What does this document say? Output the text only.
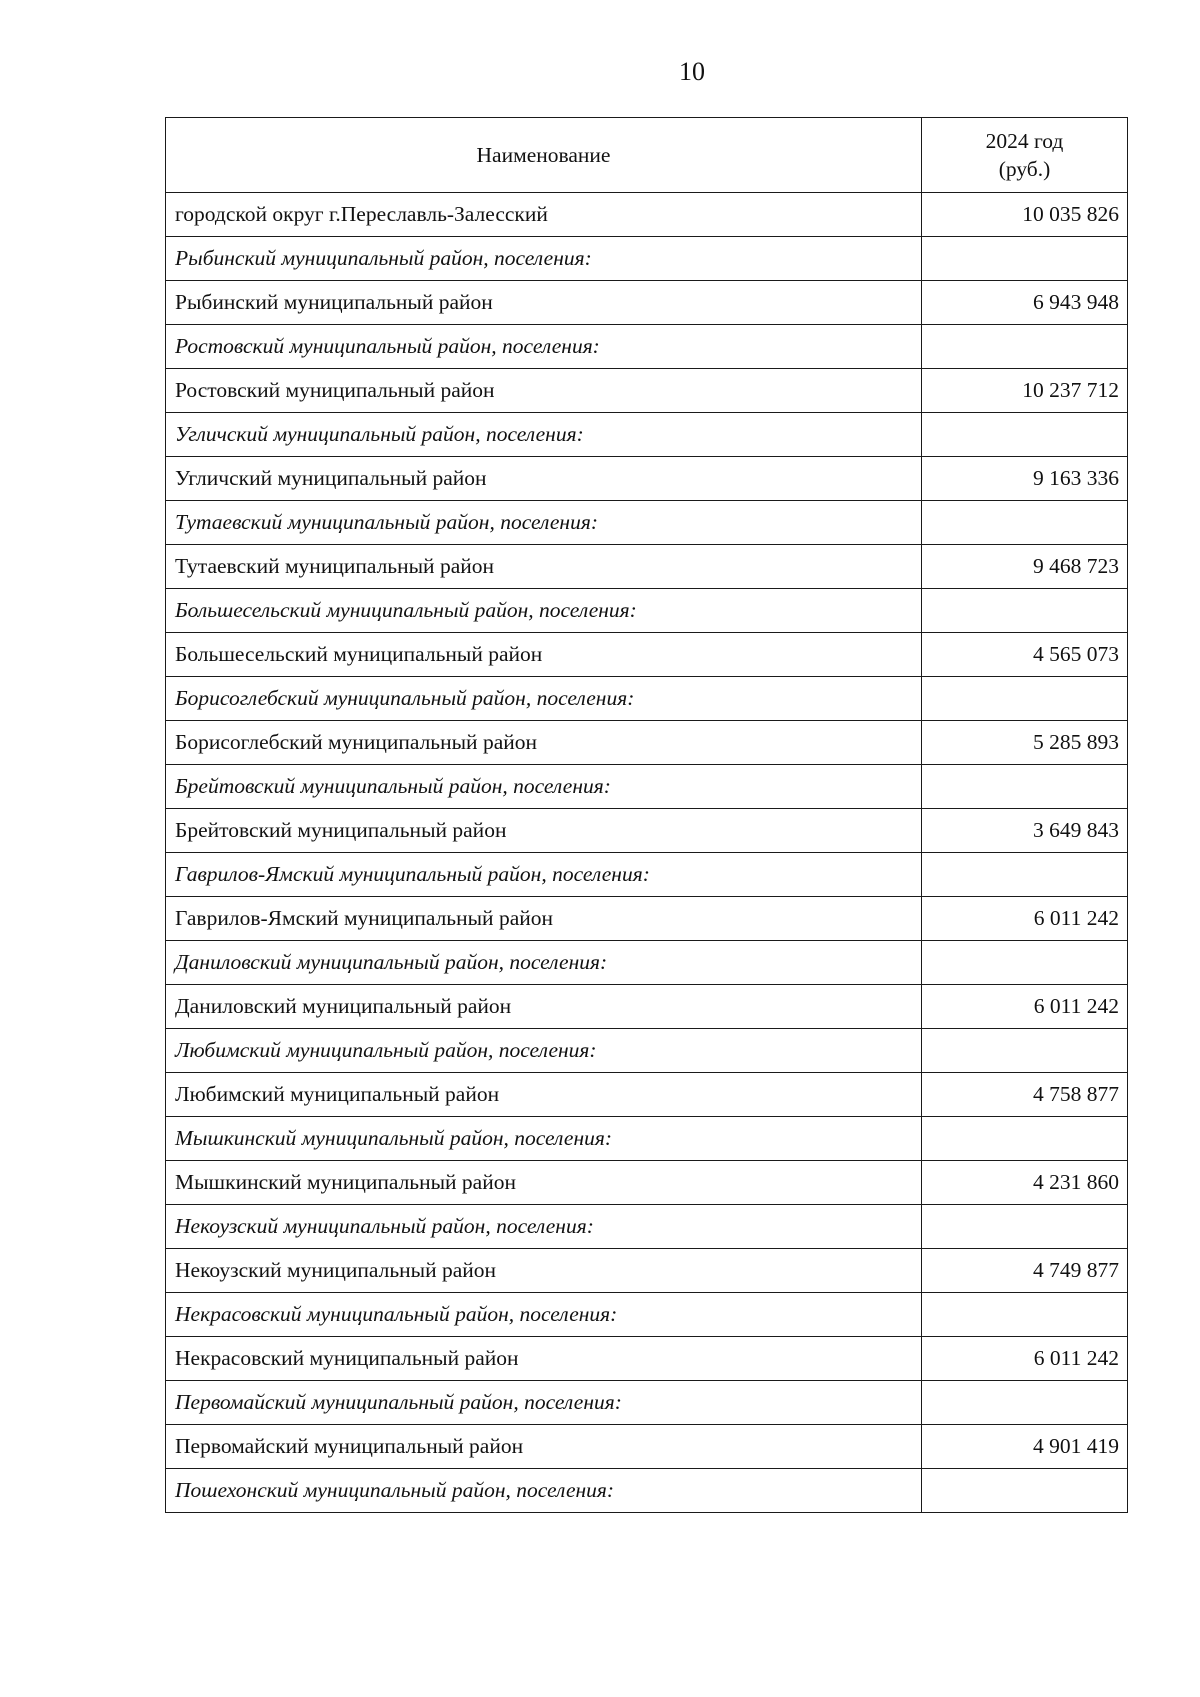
10
Наименование	2024 год
(руб.)

городской округ г.Переславль-Залесский	10 035 826
Рыбинский муниципальный район, поселения:	
Рыбинский муниципальный район	6 943 948
Ростовский муниципальный район, поселения:	
Ростовский муниципальный район	10 237 712
Угличский муниципальный район, поселения:	
Угличский муниципальный район	9 163 336
Тутаевский муниципальный район, поселения:	
Тутаевский муниципальный район	9 468 723
Большесельский муниципальный район, поселения:	
Большесельский муниципальный район	4 565 073
Борисоглебский муниципальный район, поселения:	
Борисоглебский муниципальный район	5 285 893
Брейтовский муниципальный район, поселения:	
Брейтовский муниципальный район	3 649 843
Гаврилов-Ямский муниципальный район, поселения:	
Гаврилов-Ямский муниципальный район	6 011 242
Даниловский муниципальный район, поселения:	
Даниловский муниципальный район	6 011 242
Любимский муниципальный район, поселения:	
Любимский муниципальный район	4 758 877
Мышкинский муниципальный район, поселения:	
Мышкинский муниципальный район	4 231 860
Некоузский муниципальный район, поселения:	
Некоузский муниципальный район	4 749 877
Некрасовский муниципальный район, поселения:	
Некрасовский муниципальный район	6 011 242
Первомайский муниципальный район, поселения:	
Первомайский муниципальный район	4 901 419
Пошехонский муниципальный район, поселения:	
